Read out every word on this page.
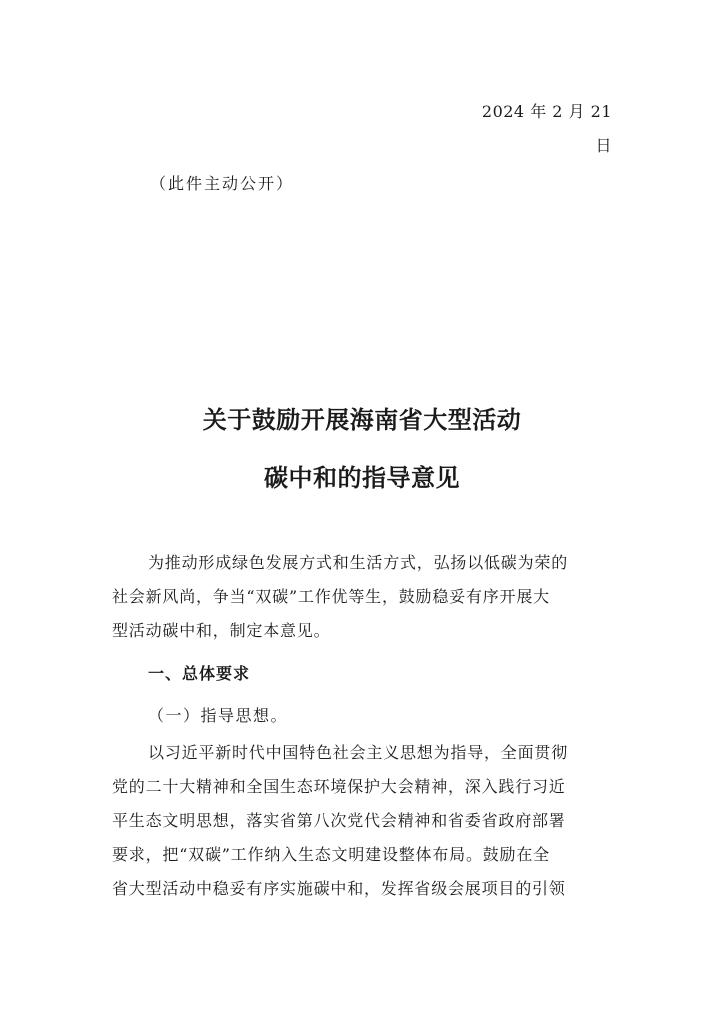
2024 年 2 月 21
日
（此件主动公开）
关于鼓励开展海南省大型活动
碳中和的指导意见
为推动形成绿色发展方式和生活方式，弘扬以低碳为荣的
社会新风尚，争当“双碳”工作优等生，鼓励稳妥有序开展大
型活动碳中和，制定本意见。
一、总体要求
（一）指导思想。
以习近平新时代中国特色社会主义思想为指导，全面贯彻
党的二十大精神和全国生态环境保护大会精神，深入践行习近
平生态文明思想，落实省第八次党代会精神和省委省政府部署
要求，把“双碳”工作纳入生态文明建设整体布局。鼓励在全
省大型活动中稳妥有序实施碳中和，发挥省级会展项目的引领
